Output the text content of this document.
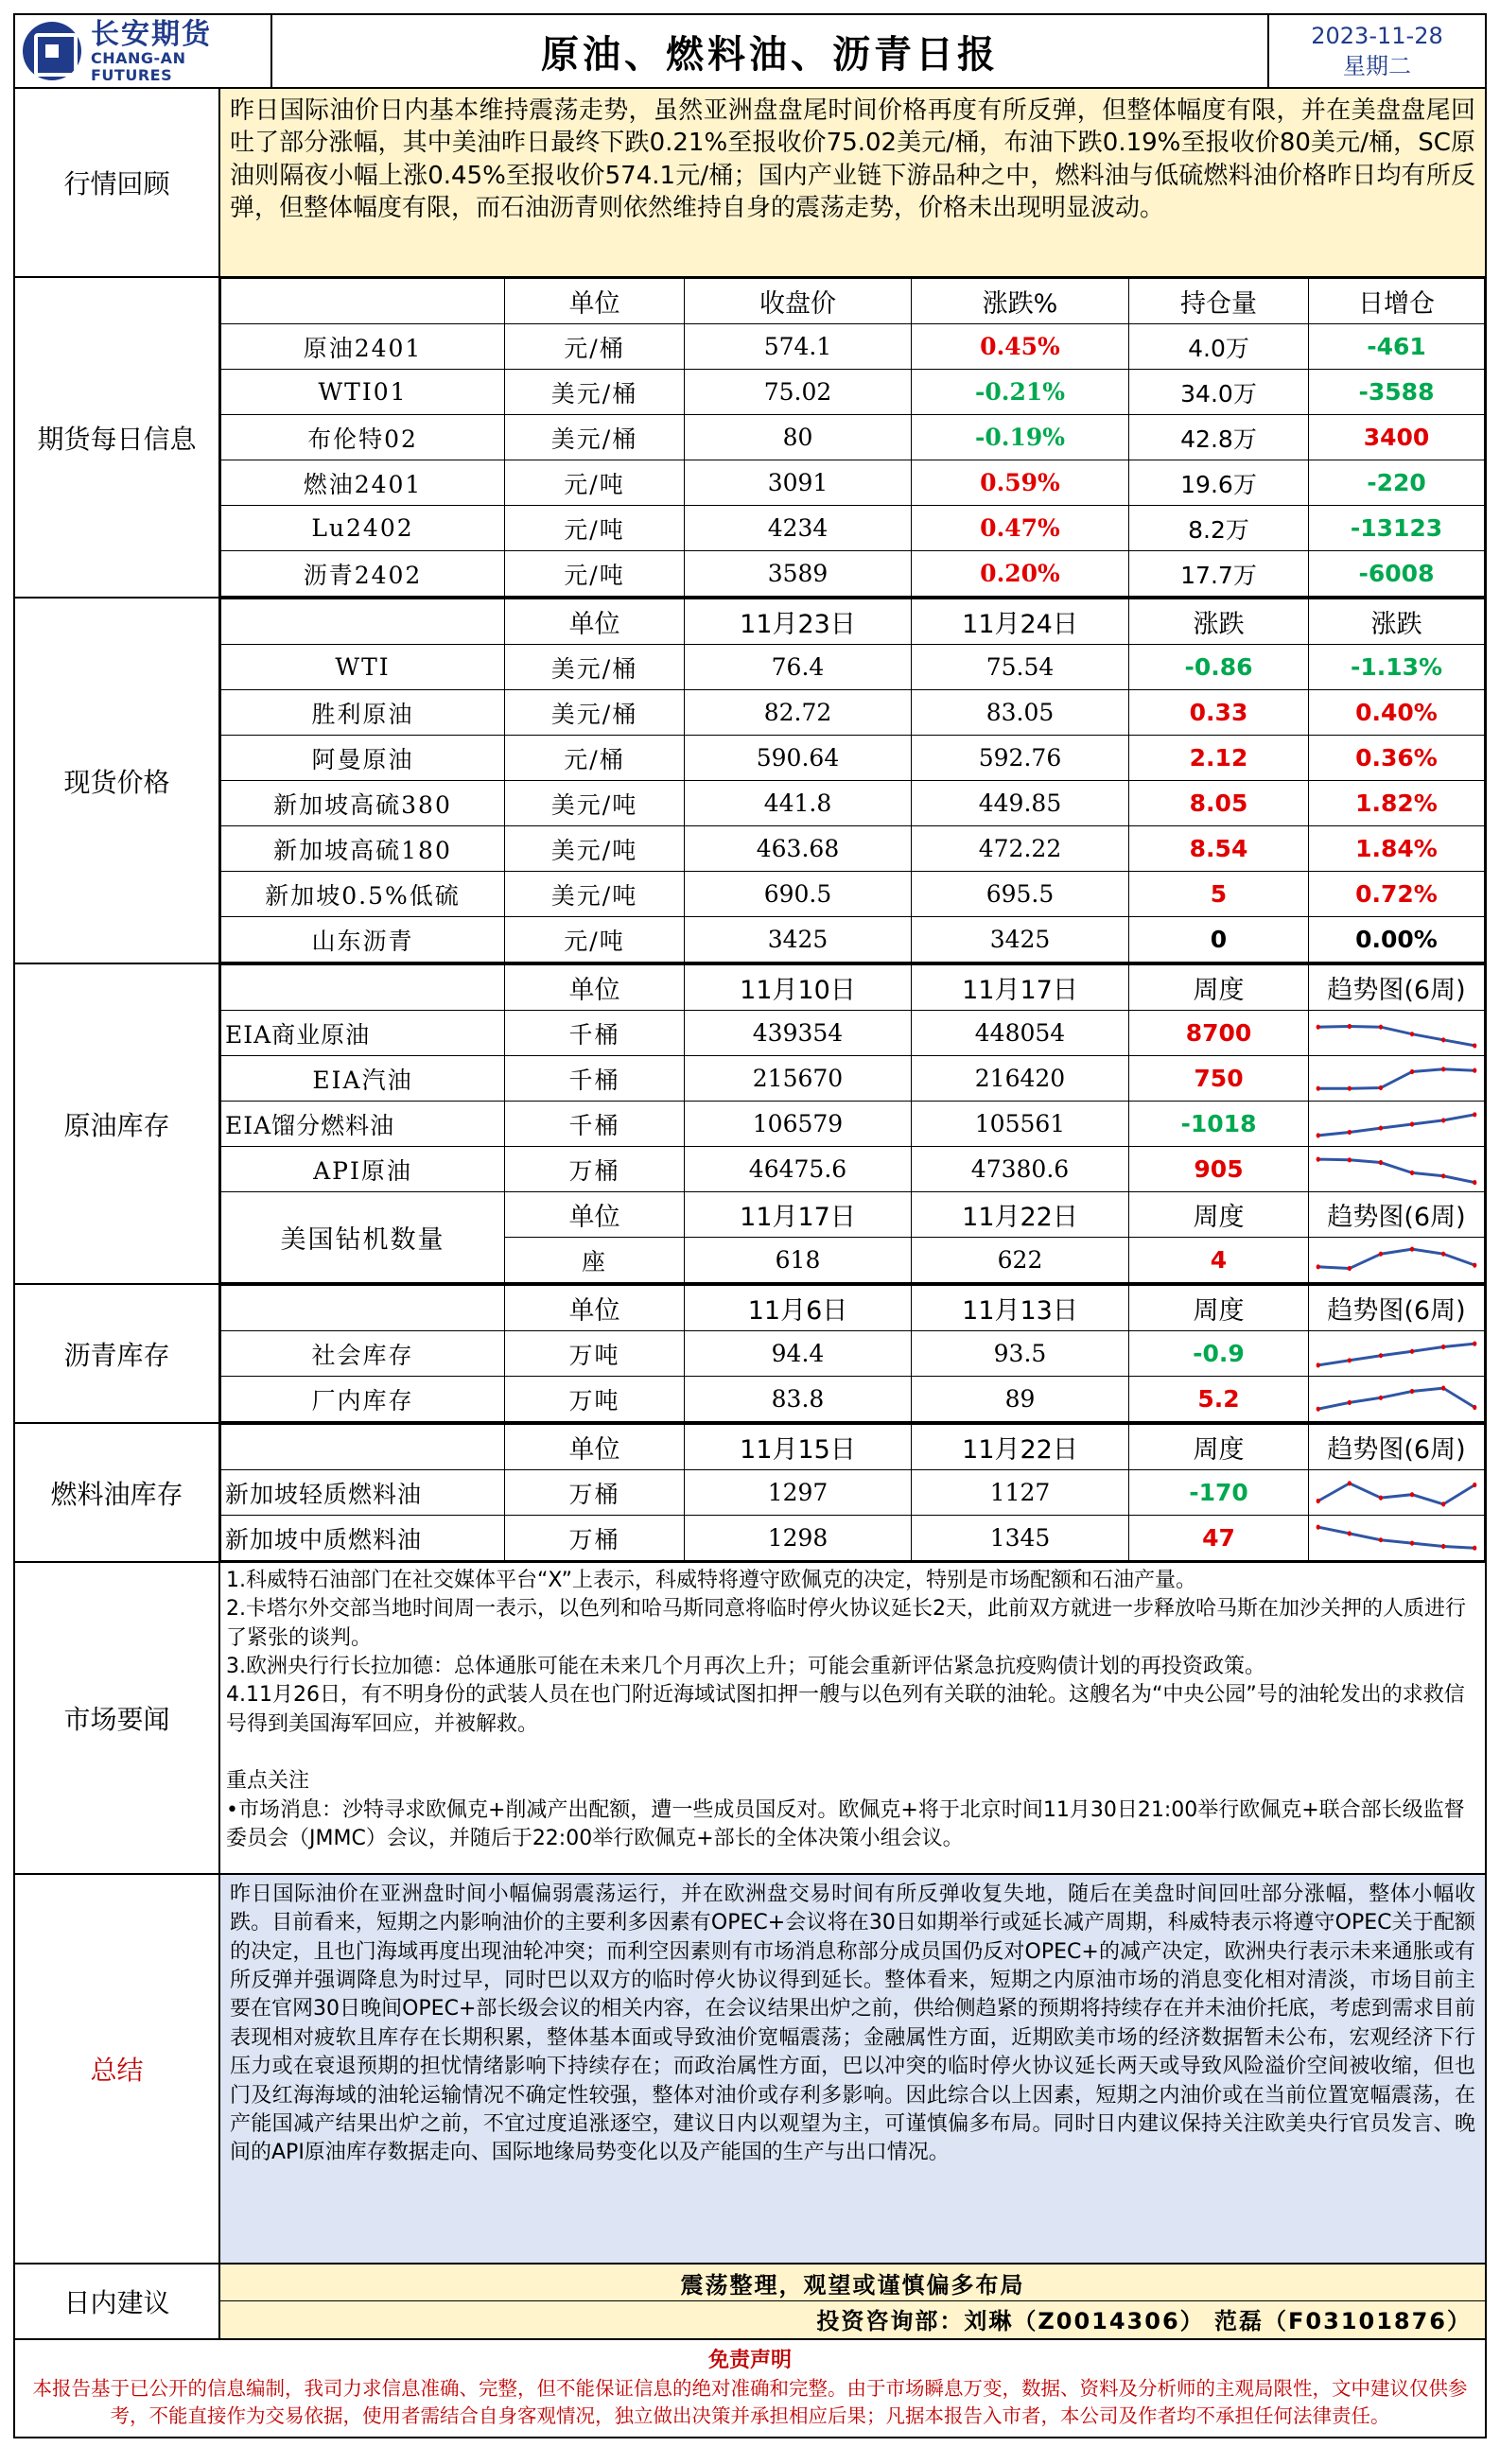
长安期货
CHANG-AN FUTURES	原油、燃料油、沥青日报	2023-11-28
星期二
行情回顾
昨日国际油价日内基本维持震荡走势，虽然亚洲盘盘尾时间价格再度有所反弹，但整体幅度有限，并在美盘盘尾回吐了部分涨幅，其中美油昨日最终下跌0.21%至报收价75.02美元/桶，布油下跌0.19%至报收价80美元/桶，SC原油则隔夜小幅上涨0.45%至报收价574.1元/桶；国内产业链下游品种之中，燃料油与低硫燃料油价格昨日均有所反弹，但整体幅度有限，而石油沥青则依然维持自身的震荡走势，价格未出现明显波动。
期货每日信息
	单位	收盘价	涨跌%	持仓量	日增仓
原油2401	元/桶	574.1	0.45%	4.0万	-461
WTI01	美元/桶	75.02	-0.21%	34.0万	-3588
布伦特02	美元/桶	80	-0.19%	42.8万	3400
燃油2401	元/吨	3091	0.59%	19.6万	-220
Lu2402	元/吨	4234	0.47%	8.2万	-13123
沥青2402	元/吨	3589	0.20%	17.7万	-6008
现货价格
	单位	11月23日	11月24日	涨跌	涨跌
WTI	美元/桶	76.4	75.54	-0.86	-1.13%
胜利原油	美元/桶	82.72	83.05	0.33	0.40%
阿曼原油	元/桶	590.64	592.76	2.12	0.36%
新加坡高硫380	美元/吨	441.8	449.85	8.05	1.82%
新加坡高硫180	美元/吨	463.68	472.22	8.54	1.84%
新加坡0.5%低硫	美元/吨	690.5	695.5	5	0.72%
山东沥青	元/吨	3425	3425	0	0.00%
原油库存
	单位	11月10日	11月17日	周度	趋势图(6周)
EIA商业原油	千桶	439354	448054	8700	

EIA汽油	千桶	215670	216420	750	

EIA馏分燃料油	千桶	106579	105561	-1018	

API原油	万桶	46475.6	47380.6	905	

美国钻机数量	单位	11月17日	11月22日	周度	趋势图(6周)
	座	618	622	4	
沥青库存
	单位	11月6日	11月13日	周度	趋势图(6周)
社会库存	万吨	94.4	93.5	-0.9	

厂内库存	万吨	83.8	89	5.2	
燃料油库存
	单位	11月15日	11月22日	周度	趋势图(6周)
新加坡轻质燃料油	万桶	1297	1127	-170	

新加坡中质燃料油	万桶	1298	1345	47	
市场要闻

1.科威特石油部门在社交媒体平台“X”上表示，科威特将遵守欧佩克的决定，特别是市场配额和石油产量。

2.卡塔尔外交部当地时间周一表示，以色列和哈马斯同意将临时停火协议延长2天，此前双方就进一步释放哈马斯在加沙关押的人质进行了紧张的谈判。

3.欧洲央行行长拉加德：总体通胀可能在未来几个月再次上升；可能会重新评估紧急抗疫购债计划的再投资政策。

4.11月26日，有不明身份的武装人员在也门附近海域试图扣押一艘与以色列有关联的油轮。这艘名为“中央公园”号的油轮发出的求救信号得到美国海军回应，并被解救。

重点关注

•市场消息：沙特寻求欧佩克+削减产出配额，遭一些成员国反对。欧佩克+将于北京时间11月30日21:00举行欧佩克+联合部长级监督委员会（JMMC）会议，并随后于22:00举行欧佩克+部长的全体决策小组会议。

总结
昨日国际油价在亚洲盘时间小幅偏弱震荡运行，并在欧洲盘交易时间有所反弹收复失地，随后在美盘时间回吐部分涨幅，整体小幅收跌。目前看来，短期之内影响油价的主要利多因素有OPEC+会议将在30日如期举行或延长减产周期，科威特表示将遵守OPEC关于配额的决定，且也门海域再度出现油轮冲突；而利空因素则有市场消息称部分成员国仍反对OPEC+的减产决定，欧洲央行表示未来通胀或有所反弹并强调降息为时过早，同时巴以双方的临时停火协议得到延长。整体看来，短期之内原油市场的消息变化相对清淡，市场目前主要在官网30日晚间OPEC+部长级会议的相关内容，在会议结果出炉之前，供给侧趋紧的预期将持续存在并未油价托底，考虑到需求目前表现相对疲软且库存在长期积累，整体基本面或导致油价宽幅震荡；金融属性方面，近期欧美市场的经济数据暂未公布，宏观经济下行压力或在衰退预期的担忧情绪影响下持续存在；而政治属性方面，巴以冲突的临时停火协议延长两天或导致风险溢价空间被收缩，但也门及红海海域的油轮运输情况不确定性较强，整体对油价或存利多影响。因此综合以上因素，短期之内油价或在当前位置宽幅震荡，在产能国减产结果出炉之前，不宜过度追涨逐空，建议日内以观望为主，可谨慎偏多布局。同时日内建议保持关注欧美央行官员发言、晚间的API原油库存数据走向、国际地缘局势变化以及产能国的生产与出口情况。
日内建议
震荡整理，观望或谨慎偏多布局
投资咨询部：刘琳（Z0014306） 范磊（F03101876）
免责声明
本报告基于已公开的信息编制，我司力求信息准确、完整，但不能保证信息的绝对准确和完整。由于市场瞬息万变，数据、资料及分析师的主观局限性，文中建议仅供参考，不能直接作为交易依据，使用者需结合自身客观情况，独立做出决策并承担相应后果；凡据本报告入市者，本公司及作者均不承担任何法律责任。
